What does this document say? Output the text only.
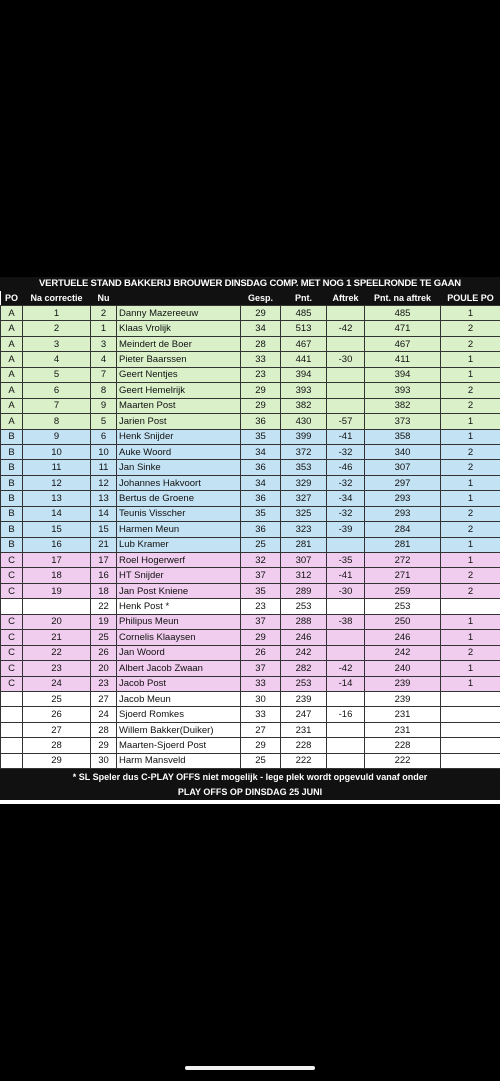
VERTUELE STAND BAKKERIJ BROUWER DINSDAG COMP. MET NOG 1 SPEELRONDE TE GAAN
PO	Na correctie	Nu		Gesp.	Pnt.	Aftrek	Pnt. na aftrek	POULE PO
A	1	2	Danny Mazereeuw	29	485		485	1
A	2	1	Klaas Vrolijk	34	513	-42	471	2
A	3	3	Meindert de Boer	28	467		467	2
A	4	4	Pieter Baarssen	33	441	-30	411	1
A	5	7	Geert Nentjes	23	394		394	1
A	6	8	Geert Hemelrijk	29	393		393	2
A	7	9	Maarten Post	29	382		382	2
A	8	5	Jarien Post	36	430	-57	373	1
B	9	6	Henk Snijder	35	399	-41	358	1
B	10	10	Auke Woord	34	372	-32	340	2
B	11	11	Jan Sinke	36	353	-46	307	2
B	12	12	Johannes Hakvoort	34	329	-32	297	1
B	13	13	Bertus de Groene	36	327	-34	293	1
B	14	14	Teunis Visscher	35	325	-32	293	2
B	15	15	Harmen Meun	36	323	-39	284	2
B	16	21	Lub Kramer	25	281		281	1
C	17	17	Roel Hogerwerf	32	307	-35	272	1
C	18	16	HT Snijder	37	312	-41	271	2
C	19	18	Jan Post Kniene	35	289	-30	259	2
		22	Henk Post *	23	253		253	
C	20	19	Philipus Meun	37	288	-38	250	1
C	21	25	Cornelis Klaaysen	29	246		246	1
C	22	26	Jan Woord	26	242		242	2
C	23	20	Albert Jacob Zwaan	37	282	-42	240	1
C	24	23	Jacob Post	33	253	-14	239	1
	25	27	Jacob Meun	30	239		239	
	26	24	Sjoerd Romkes	33	247	-16	231	
	27	28	Willem Bakker(Duiker)	27	231		231	
	28	29	Maarten-Sjoerd Post	29	228		228	
	29	30	Harm Mansveld	25	222		222	
* SL Speler dus C-PLAY OFFS niet mogelijk - lege plek wordt opgevuld vanaf onder
PLAY OFFS OP DINSDAG 25 JUNI
